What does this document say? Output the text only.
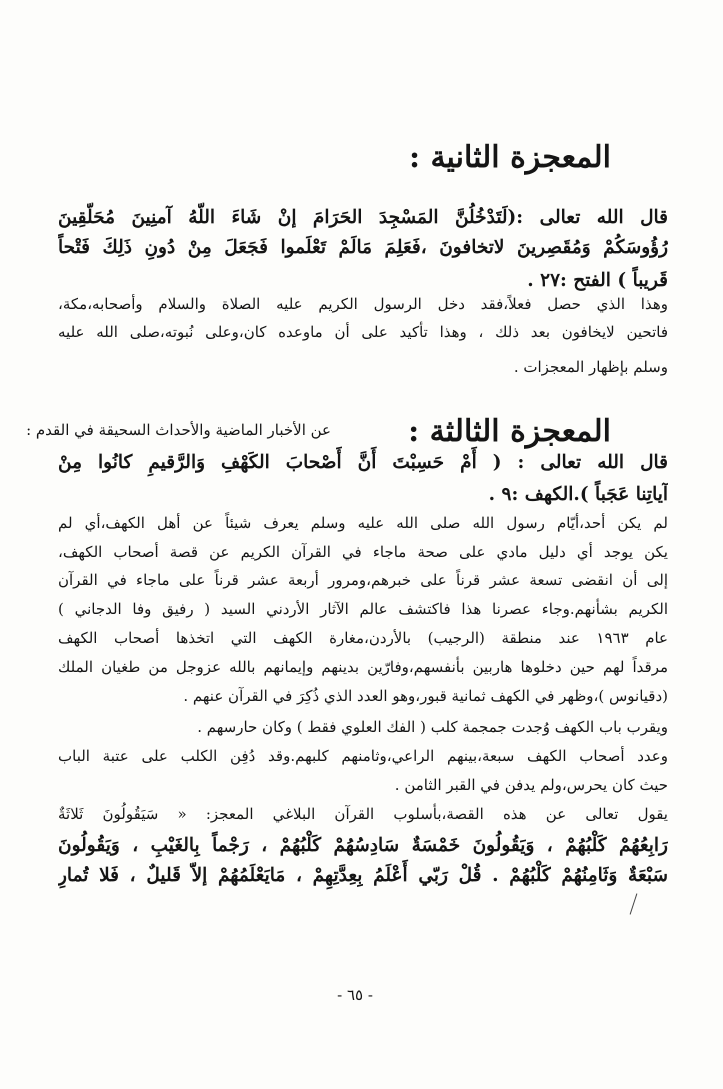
المعجزة الثانية :
قال الله تعالى :(لَتَدْخُلُنَّ المَسْجِدَ الحَرَامَ إنْ شَاءَ اللّهُ آمنِينَ مُحَلّقِينَ
رُؤُوسَكُمْ وَمُقَصِرينَ لاتخافونَ ،فَعَلِمَ مَالَمْ تَعْلَموا فَجَعَلَ مِنْ دُونِ ذَلِكَ فَتْحاً
قَريباً ) الفتح :٢٧ .
وهذا الذي حصل فعلاً،فقد دخل الرسول الكريم عليه الصلاة والسلام وأصحابه،مكة،
فاتحين لايخافون بعد ذلك ، وهذا تأكيد على أن ماوعده كان،وعلى نُبوته،صلى الله عليه
وسلم بإظهار المعجزات .
المعجزة الثالثة :
عن الأخبار الماضية والأحداث السحيقة في القدم :
قال الله تعالى : ( أَمْ حَسِبْتَ أَنَّ أَصْحابَ الكَهْفِ وَالرَّقيمِ كانُوا مِنْ
آياتِنا عَجَباً ).الكهف :٩ .
لم يكن أحد،أيّام رسول الله صلى الله عليه وسلم يعرف شيئاً عن أهل الكهف،أي لم
يكن يوجد أي دليل مادي على صحة ماجاء في القرآن الكريم عن قصة أصحاب الكهف،
إلى أن انقضى تسعة عشر قرناً على خبرهم،ومرور أربعة عشر قرناً على ماجاء في القرآن
الكريم بشأنهم.وجاء عصرنا هذا فاكتشف عالم الآثار الأردني السيد ( رفيق وفا الدجاني )
عام ١٩٦٣ عند منطقة (الرجيب) بالأردن،مغارة الكهف التي اتخذها أصحاب الكهف
مرقداً لهم حين دخلوها هاربين بأنفسهم،وفارّين بدينهم وإيمانهم بالله عزوجل من طغيان الملك
(دقيانوس )،وظهر في الكهف ثمانية قبور،وهو العدد الذي ذُكِرَ في القرآن عنهم .
ويقرب باب الكهف وُجدت جمجمة كلب ( الفك العلوي فقط ) وكان حارسهم .
وعدد أصحاب الكهف سبعة،بينهم الراعي،وثامنهم كلبهم.وقد دُفِن الكلب على عتبة الباب
حيث كان يحرس،ولم يدفن في القبر الثامن .
يقول تعالى عن هذه القصة،بأسلوب القرآن البلاغي المعجز: « سَيَقُولُونَ ثَلاثَةٌ
رَابِعُهُمْ كَلْبُهُمْ ، وَيَقُولُونَ خَمْسَةٌ سَادِسُهُمْ كَلْبُهُمْ ، رَجْماً بِالغَيْبِ ، وَيَقُولُونَ
سَبْعَةٌ وَثَامِنُهُمْ كَلْبُهُمْ . قُلْ رَبّي أَعْلَمُ بِعِدَّتِهِمْ ، مَايَعْلَمُهُمْ إلاّ قَليلٌ ، فَلا تُمارِ
- ٦٥ -
